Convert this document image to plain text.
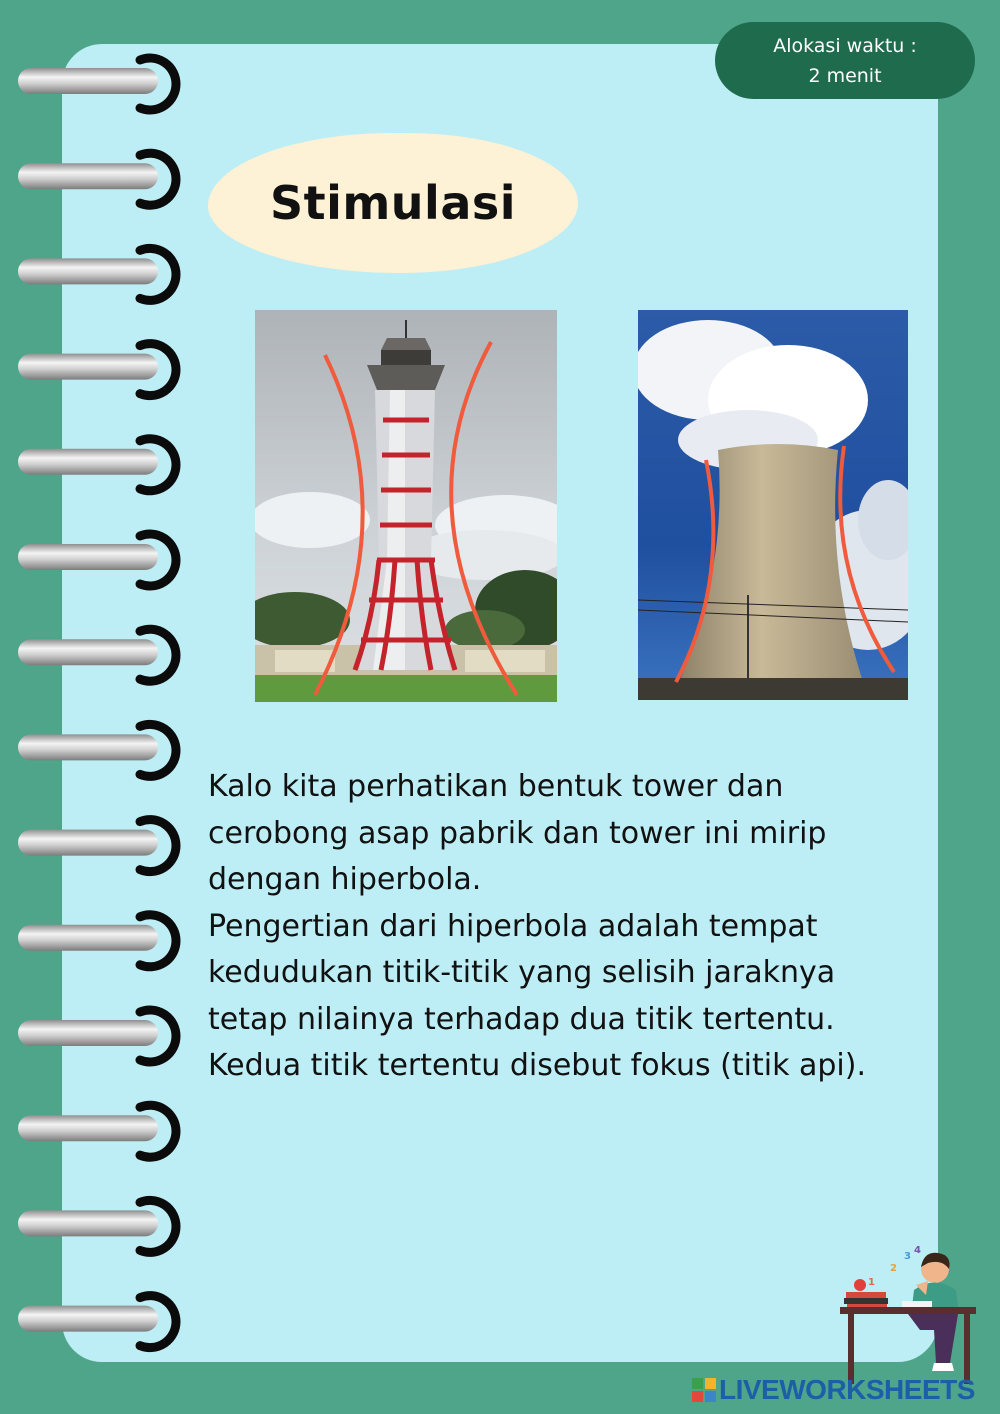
Alokasi waktu :
2 menit
Stimulasi

Kalo kita perhatikan bentuk tower dan cerobong asap pabrik dan tower ini mirip dengan hiperbola.

Pengertian dari hiperbola adalah tempat kedudukan titik-titik yang selisih jaraknya tetap nilainya terhadap dua titik tertentu. Kedua titik tertentu disebut fokus (titik api).

1
2
3
4
LIVEWORKSHEETS
